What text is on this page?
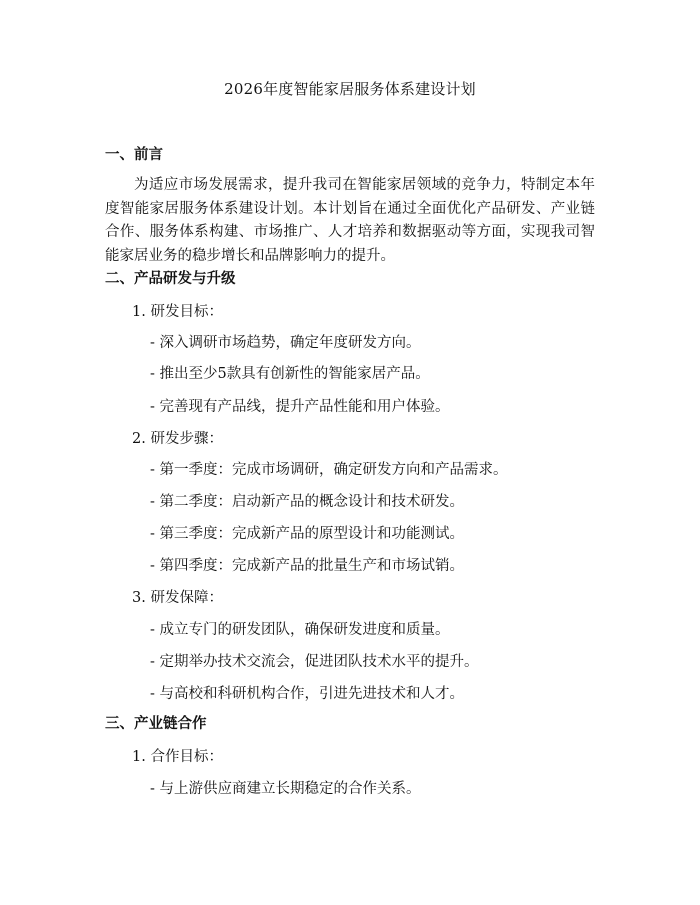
2026年度智能家居服务体系建设计划
一、前言
为适应市场发展需求，提升我司在智能家居领域的竞争力，特制定本年度智能家居服务体系建设计划。本计划旨在通过全面优化产品研发、产业链合作、服务体系构建、市场推广、人才培养和数据驱动等方面，实现我司智能家居业务的稳步增长和品牌影响力的提升。
二、产品研发与升级
1. 研发目标：
- 深入调研市场趋势，确定年度研发方向。
- 推出至少5款具有创新性的智能家居产品。
- 完善现有产品线，提升产品性能和用户体验。
2. 研发步骤：
- 第一季度：完成市场调研，确定研发方向和产品需求。
- 第二季度：启动新产品的概念设计和技术研发。
- 第三季度：完成新产品的原型设计和功能测试。
- 第四季度：完成新产品的批量生产和市场试销。
3. 研发保障：
- 成立专门的研发团队，确保研发进度和质量。
- 定期举办技术交流会，促进团队技术水平的提升。
- 与高校和科研机构合作，引进先进技术和人才。
三、产业链合作
1. 合作目标：
- 与上游供应商建立长期稳定的合作关系。
